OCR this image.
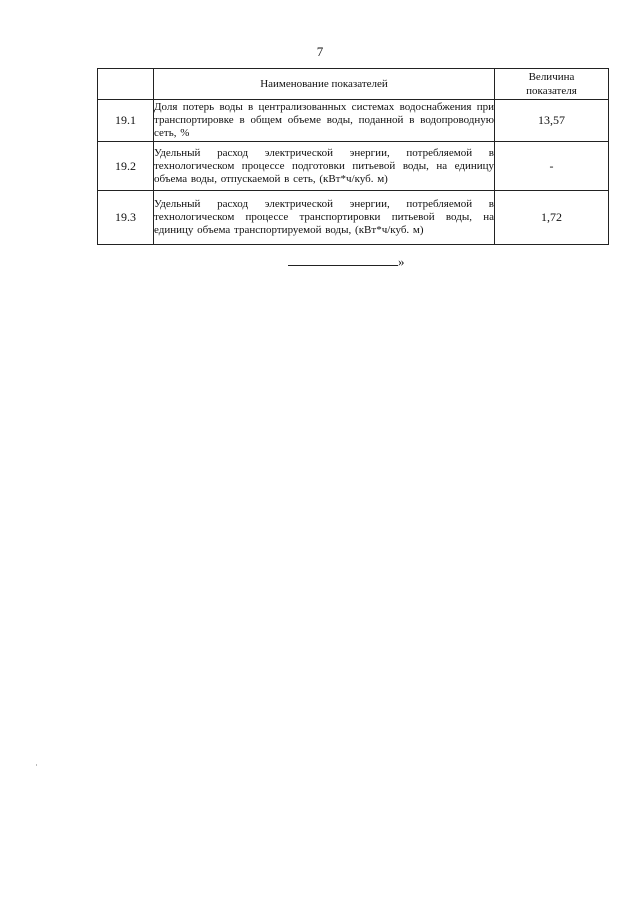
7
	Наименование показателей	Величина
показателя
19.1	Доля потерь воды в централизованных системах водоснабжения при транспортировке в общем объеме воды, поданной в водопроводную сеть, %	13,57
19.2	Удельный расход электрической энергии, потребляемой в технологическом процессе подготовки питьевой воды, на единицу объема воды, отпускаемой в сеть, (кВт*ч/куб. м)	-
19.3	Удельный расход электрической энергии, потребляемой в технологическом процессе транспортировки питьевой воды, на единицу объема транспортируемой воды, (кВт*ч/куб. м)	1,72
»
